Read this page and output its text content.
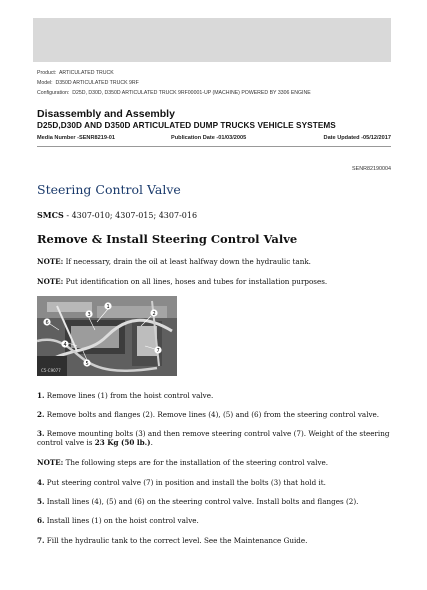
Product: ARTICULATED TRUCK
Model: D350D ARTICULATED TRUCK 9RF
Configuration: D25D, D30D, D350D ARTICULATED TRUCK 9RF00001-UP (MACHINE) POWERED BY 3306 ENGINE
Disassembly and Assembly
D25D,D30D AND D350D ARTICULATED DUMP TRUCKS VEHICLE SYSTEMS
Media Number -SENR8219-01	Publication Date -01/03/2005	Date Updated -05/12/2017
SENR82190004
Steering Control Valve
SMCS - 4307-010; 4307-015; 4307-016
Remove & Install Steering Control Valve
NOTE: If necessary, drain the oil at least halfway down the hydraulic tank.
NOTE: Put identification on all lines, hoses and tubes for installation purposes.
1
2
3
4
5
6
7
C5-C9077
1. Remove lines (1) from the hoist control valve.
2. Remove bolts and flanges (2). Remove lines (4), (5) and (6) from the steering control valve.
3. Remove mounting bolts (3) and then remove steering control valve (7). Weight of the steering control valve is 23 Kg (50 lb.).
NOTE: The following steps are for the installation of the steering control valve.
4. Put steering control valve (7) in position and install the bolts (3) that hold it.
5. Install lines (4), (5) and (6) on the steering control valve. Install bolts and flanges (2).
6. Install lines (1) on the hoist control valve.
7. Fill the hydraulic tank to the correct level. See the Maintenance Guide.
